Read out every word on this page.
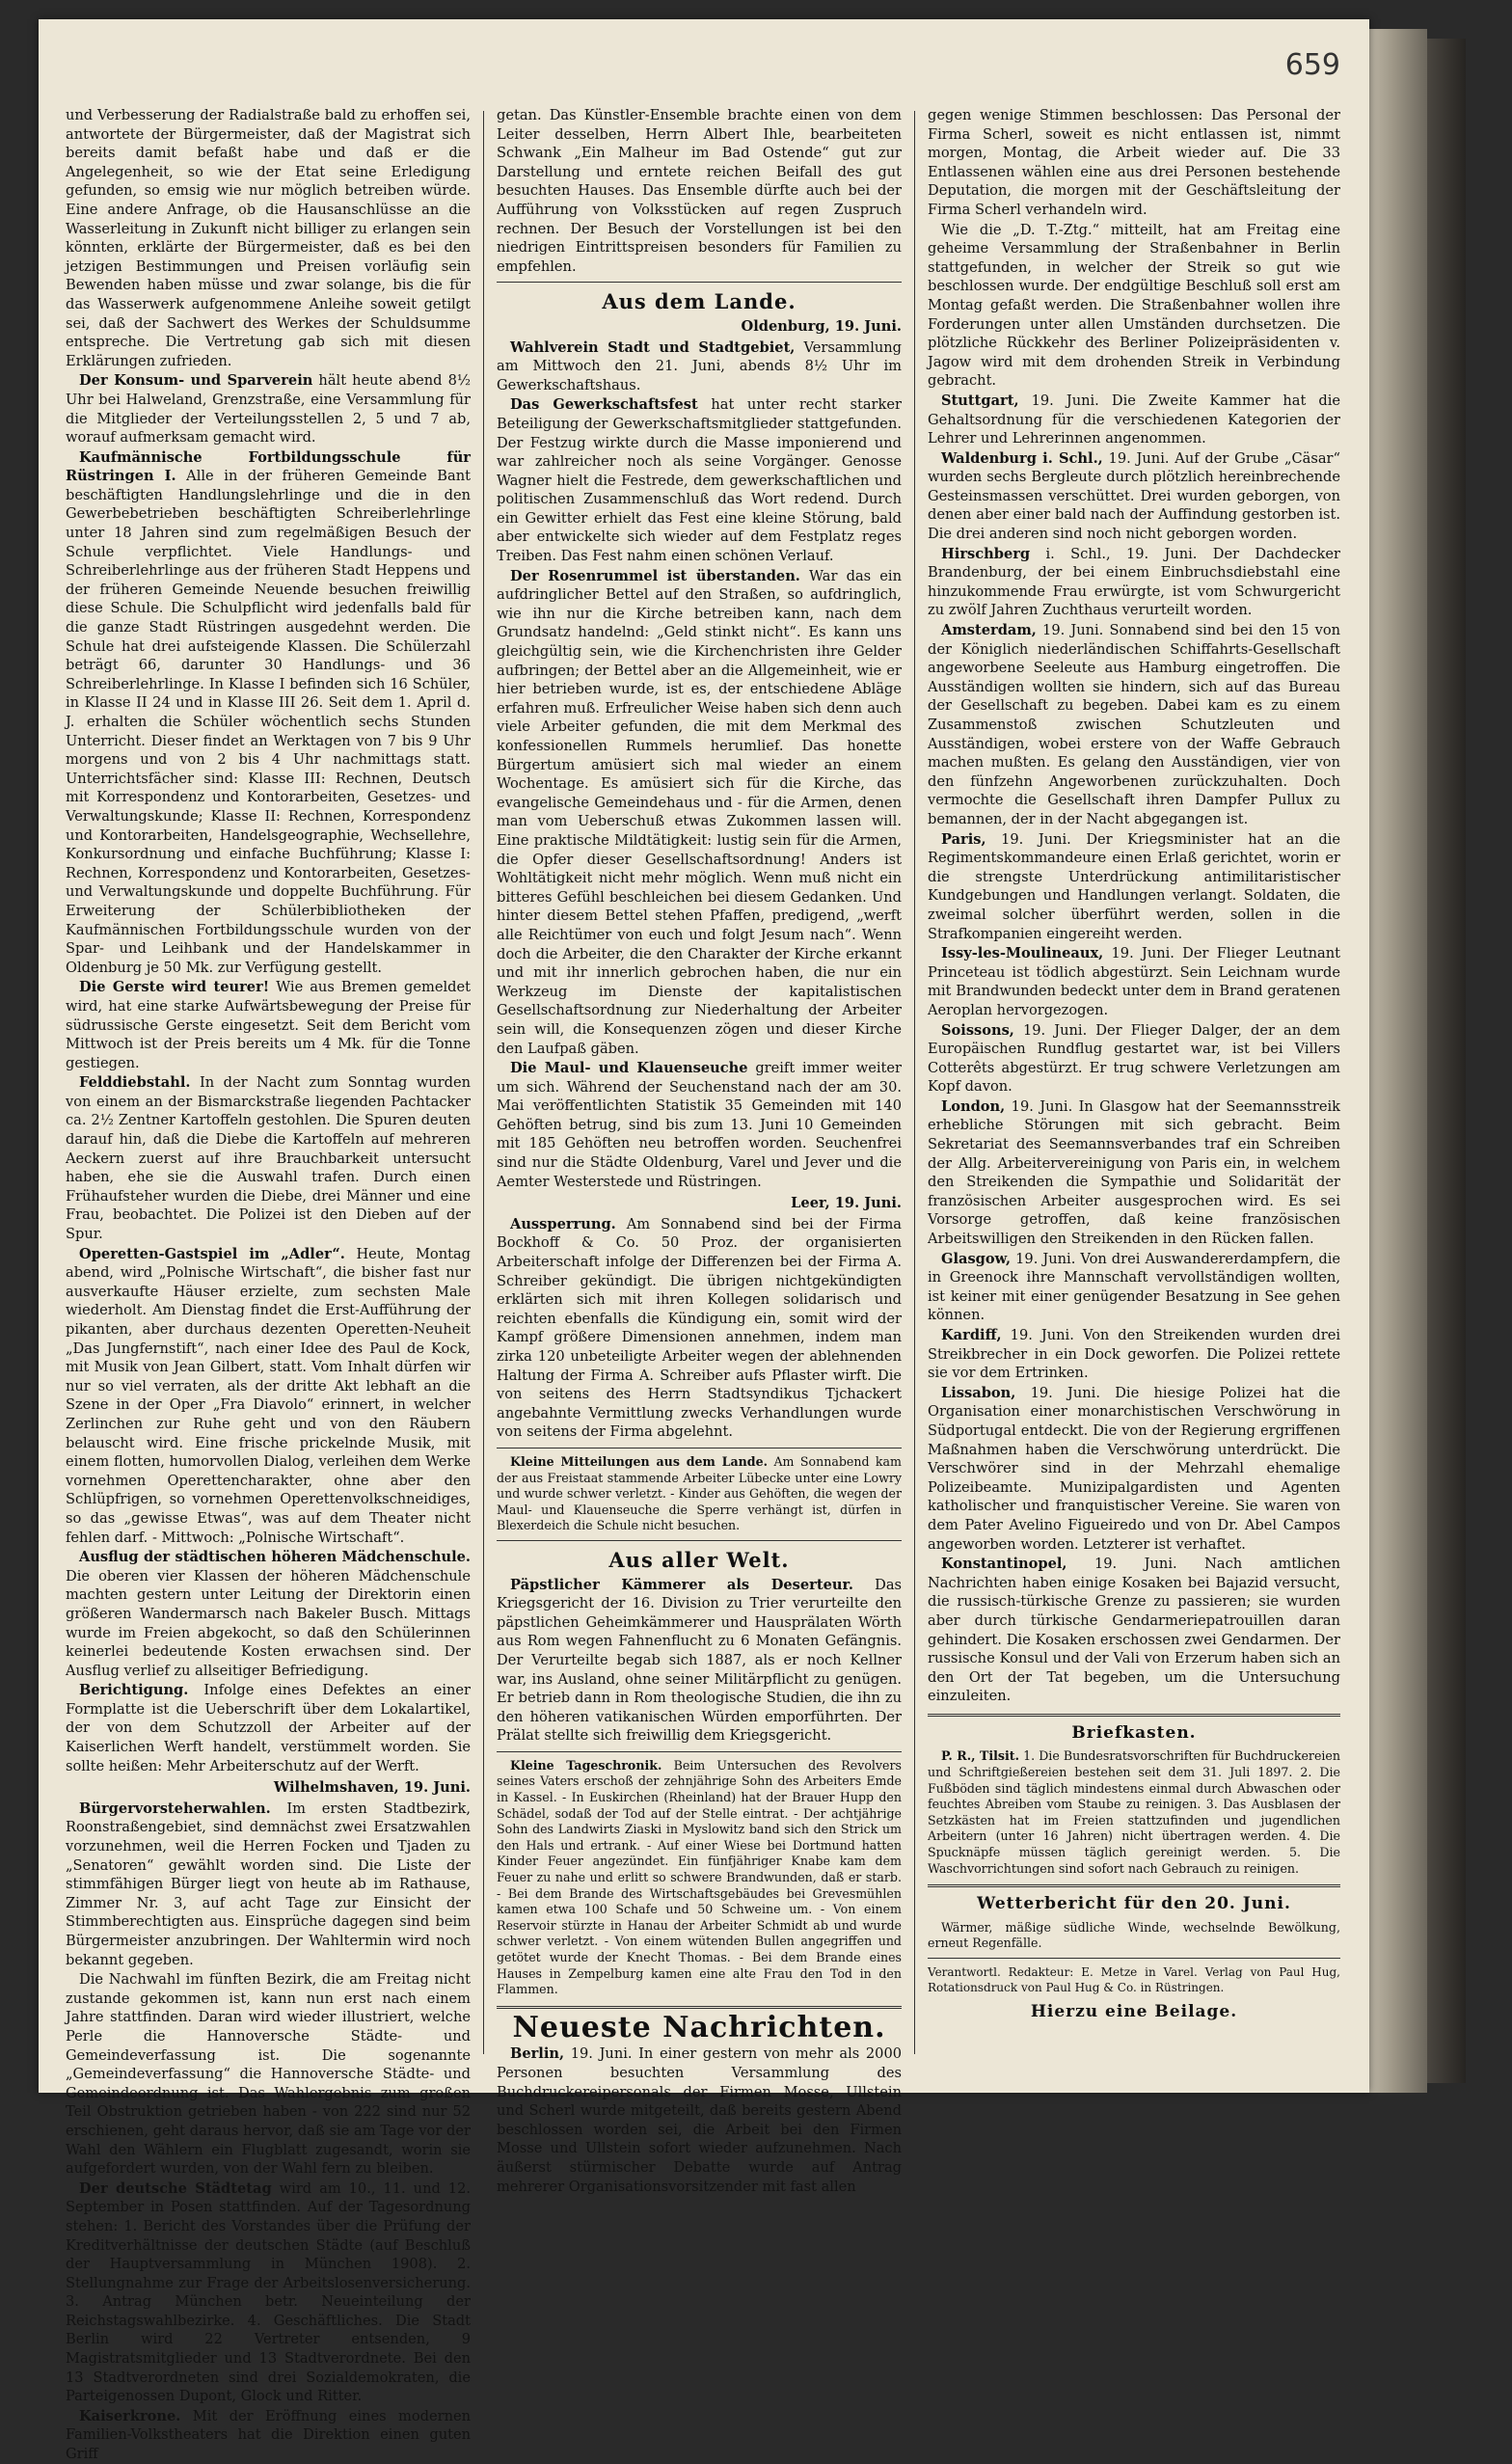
659

und Verbesserung der Radialstraße bald zu erhoffen sei, antwortete der Bürgermeister, daß der Magistrat sich bereits damit befaßt habe und daß er die Angelegenheit, so wie der Etat seine Erledigung gefunden, so emsig wie nur möglich betreiben würde. Eine andere Anfrage, ob die Hausanschlüsse an die Wasserleitung in Zukunft nicht billiger zu erlangen sein könnten, erklärte der Bürgermeister, daß es bei den jetzigen Bestimmungen und Preisen vorläufig sein Bewenden haben müsse und zwar solange, bis die für das Wasserwerk aufgenommene Anleihe soweit getilgt sei, daß der Sachwert des Werkes der Schuldsumme entspreche. Die Vertretung gab sich mit diesen Erklärungen zufrieden.

Der Konsum- und Sparverein hält heute abend 8½ Uhr bei Halweland, Grenzstraße, eine Versammlung für die Mitglieder der Verteilungsstellen 2, 5 und 7 ab, worauf aufmerksam gemacht wird.

Kaufmännische Fortbildungsschule für Rüstringen I. Alle in der früheren Gemeinde Bant beschäftigten Handlungslehrlinge und die in den Gewerbebetrieben beschäftigten Schreiberlehrlinge unter 18 Jahren sind zum regelmäßigen Besuch der Schule verpflichtet. Viele Handlungs- und Schreiberlehrlinge aus der früheren Stadt Heppens und der früheren Gemeinde Neuende besuchen freiwillig diese Schule. Die Schulpflicht wird jedenfalls bald für die ganze Stadt Rüstringen ausgedehnt werden. Die Schule hat drei aufsteigende Klassen. Die Schülerzahl beträgt 66, darunter 30 Handlungs- und 36 Schreiberlehrlinge. In Klasse I befinden sich 16 Schüler, in Klasse II 24 und in Klasse III 26. Seit dem 1. April d. J. erhalten die Schüler wöchentlich sechs Stunden Unterricht. Dieser findet an Werktagen von 7 bis 9 Uhr morgens und von 2 bis 4 Uhr nachmittags statt. Unterrichtsfächer sind: Klasse III: Rechnen, Deutsch mit Korrespondenz und Kontorarbeiten, Gesetzes- und Verwaltungskunde; Klasse II: Rechnen, Korrespondenz und Kontorarbeiten, Handelsgeographie, Wechsellehre, Konkursordnung und einfache Buchführung; Klasse I: Rechnen, Korrespondenz und Kontorarbeiten, Gesetzes- und Verwaltungskunde und doppelte Buchführung. Für Erweiterung der Schülerbibliotheken der Kaufmännischen Fortbildungsschule wurden von der Spar- und Leihbank und der Handelskammer in Oldenburg je 50 Mk. zur Verfügung gestellt.

Die Gerste wird teurer! Wie aus Bremen gemeldet wird, hat eine starke Aufwärtsbewegung der Preise für südrussische Gerste eingesetzt. Seit dem Bericht vom Mittwoch ist der Preis bereits um 4 Mk. für die Tonne gestiegen.

Felddiebstahl. In der Nacht zum Sonntag wurden von einem an der Bismarckstraße liegenden Pachtacker ca. 2½ Zentner Kartoffeln gestohlen. Die Spuren deuten darauf hin, daß die Diebe die Kartoffeln auf mehreren Aeckern zuerst auf ihre Brauchbarkeit untersucht haben, ehe sie die Auswahl trafen. Durch einen Frühaufsteher wurden die Diebe, drei Männer und eine Frau, beobachtet. Die Polizei ist den Dieben auf der Spur.

Operetten-Gastspiel im „Adler“. Heute, Montag abend, wird „Polnische Wirtschaft“, die bisher fast nur ausverkaufte Häuser erzielte, zum sechsten Male wiederholt. Am Dienstag findet die Erst-Aufführung der pikanten, aber durchaus dezenten Operetten-Neuheit „Das Jungfernstift“, nach einer Idee des Paul de Kock, mit Musik von Jean Gilbert, statt. Vom Inhalt dürfen wir nur so viel verraten, als der dritte Akt lebhaft an die Szene in der Oper „Fra Diavolo“ erinnert, in welcher Zerlinchen zur Ruhe geht und von den Räubern belauscht wird. Eine frische prickelnde Musik, mit einem flotten, humorvollen Dialog, verleihen dem Werke vornehmen Operettencharakter, ohne aber den Schlüpfrigen, so vornehmen Operettenvolkschneidiges, so das „gewisse Etwas“, was auf dem Theater nicht fehlen darf. - Mittwoch: „Polnische Wirtschaft“.

Ausflug der städtischen höheren Mädchenschule. Die oberen vier Klassen der höheren Mädchenschule machten gestern unter Leitung der Direktorin einen größeren Wandermarsch nach Bakeler Busch. Mittags wurde im Freien abgekocht, so daß den Schülerinnen keinerlei bedeutende Kosten erwachsen sind. Der Ausflug verlief zu allseitiger Befriedigung.

Berichtigung. Infolge eines Defektes an einer Formplatte ist die Ueberschrift über dem Lokalartikel, der von dem Schutzzoll der Arbeiter auf der Kaiserlichen Werft handelt, verstümmelt worden. Sie sollte heißen: Mehr Arbeiterschutz auf der Werft.

Wilhelmshaven, 19. Juni.

Bürgervorsteherwahlen. Im ersten Stadtbezirk, Roonstraßengebiet, sind demnächst zwei Ersatzwahlen vorzunehmen, weil die Herren Focken und Tjaden zu „Senatoren“ gewählt worden sind. Die Liste der stimmfähigen Bürger liegt von heute ab im Rathause, Zimmer Nr. 3, auf acht Tage zur Einsicht der Stimmberechtigten aus. Einsprüche dagegen sind beim Bürgermeister anzubringen. Der Wahltermin wird noch bekannt gegeben.

Die Nachwahl im fünften Bezirk, die am Freitag nicht zustande gekommen ist, kann nun erst nach einem Jahre stattfinden. Daran wird wieder illustriert, welche Perle die Hannoversche Städte- und Gemeindeverfassung ist. Die sogenannte „Gemeindeverfassung“ die Hannoversche Städte- und Gemeindeordnung ist. Das Wahlergebnis zum großen Teil Obstruktion getrieben haben - von 222 sind nur 52 erschienen, geht daraus hervor, daß sie am Tage vor der Wahl den Wählern ein Flugblatt zugesandt, worin sie aufgefordert wurden, von der Wahl fern zu bleiben.

Der deutsche Städtetag wird am 10., 11. und 12. September in Posen stattfinden. Auf der Tagesordnung stehen: 1. Bericht des Vorstandes über die Prüfung der Kreditverhältnisse der deutschen Städte (auf Beschluß der Hauptversammlung in München 1908). 2. Stellungnahme zur Frage der Arbeitslosenversicherung. 3. Antrag München betr. Neueinteilung der Reichstagswahlbezirke. 4. Geschäftliches. Die Stadt Berlin wird 22 Vertreter entsenden, 9 Magistratsmitglieder und 13 Stadtverordnete. Bei den 13 Stadtverordneten sind drei Sozialdemokraten, die Parteigenossen Dupont, Glock und Ritter.

Kaiserkrone. Mit der Eröffnung eines modernen Familien-Volkstheaters hat die Direktion einen guten Griff

getan. Das Künstler-Ensemble brachte einen von dem Leiter desselben, Herrn Albert Ihle, bearbeiteten Schwank „Ein Malheur im Bad Ostende“ gut zur Darstellung und erntete reichen Beifall des gut besuchten Hauses. Das Ensemble dürfte auch bei der Aufführung von Volksstücken auf regen Zuspruch rechnen. Der Besuch der Vorstellungen ist bei den niedrigen Eintrittspreisen besonders für Familien zu empfehlen.

Aus dem Lande.
Oldenburg, 19. Juni.

Wahlverein Stadt und Stadtgebiet, Versammlung am Mittwoch den 21. Juni, abends 8½ Uhr im Gewerkschaftshaus.

Das Gewerkschaftsfest hat unter recht starker Beteiligung der Gewerkschaftsmitglieder stattgefunden. Der Festzug wirkte durch die Masse imponierend und war zahlreicher noch als seine Vorgänger. Genosse Wagner hielt die Festrede, dem gewerkschaftlichen und politischen Zusammenschluß das Wort redend. Durch ein Gewitter erhielt das Fest eine kleine Störung, bald aber entwickelte sich wieder auf dem Festplatz reges Treiben. Das Fest nahm einen schönen Verlauf.

Der Rosenrummel ist überstanden. War das ein aufdringlicher Bettel auf den Straßen, so aufdringlich, wie ihn nur die Kirche betreiben kann, nach dem Grundsatz handelnd: „Geld stinkt nicht“. Es kann uns gleichgültig sein, wie die Kirchenchristen ihre Gelder aufbringen; der Bettel aber an die Allgemeinheit, wie er hier betrieben wurde, ist es, der entschiedene Abläge erfahren muß. Erfreulicher Weise haben sich denn auch viele Arbeiter gefunden, die mit dem Merkmal des konfessionellen Rummels herumlief. Das honette Bürgertum amüsiert sich mal wieder an einem Wochentage. Es amüsiert sich für die Kirche, das evangelische Gemeindehaus und - für die Armen, denen man vom Ueberschuß etwas Zukommen lassen will. Eine praktische Mildtätigkeit: lustig sein für die Armen, die Opfer dieser Gesellschaftsordnung! Anders ist Wohltätigkeit nicht mehr möglich. Wenn muß nicht ein bitteres Gefühl beschleichen bei diesem Gedanken. Und hinter diesem Bettel stehen Pfaffen, predigend, „werft alle Reichtümer von euch und folgt Jesum nach“. Wenn doch die Arbeiter, die den Charakter der Kirche erkannt und mit ihr innerlich gebrochen haben, die nur ein Werkzeug im Dienste der kapitalistischen Gesellschaftsordnung zur Niederhaltung der Arbeiter sein will, die Konsequenzen zögen und dieser Kirche den Laufpaß gäben.

Die Maul- und Klauenseuche greift immer weiter um sich. Während der Seuchenstand nach der am 30. Mai veröffentlichten Statistik 35 Gemeinden mit 140 Gehöften betrug, sind bis zum 13. Juni 10 Gemeinden mit 185 Gehöften neu betroffen worden. Seuchenfrei sind nur die Städte Oldenburg, Varel und Jever und die Aemter Westerstede und Rüstringen.

Leer, 19. Juni.

Aussperrung. Am Sonnabend sind bei der Firma Bockhoff & Co. 50 Proz. der organisierten Arbeiterschaft infolge der Differenzen bei der Firma A. Schreiber gekündigt. Die übrigen nichtgekündigten erklärten sich mit ihren Kollegen solidarisch und reichten ebenfalls die Kündigung ein, somit wird der Kampf größere Dimensionen annehmen, indem man zirka 120 unbeteiligte Arbeiter wegen der ablehnenden Haltung der Firma A. Schreiber aufs Pflaster wirft. Die von seitens des Herrn Stadtsyndikus Tjchackert angebahnte Vermittlung zwecks Verhandlungen wurde von seitens der Firma abgelehnt.

Kleine Mitteilungen aus dem Lande. Am Sonnabend kam der aus Freistaat stammende Arbeiter Lübecke unter eine Lowry und wurde schwer verletzt. - Kinder aus Gehöften, die wegen der Maul- und Klauenseuche die Sperre verhängt ist, dürfen in Blexerdeich die Schule nicht besuchen.

Aus aller Welt.

Päpstlicher Kämmerer als Deserteur. Das Kriegsgericht der 16. Division zu Trier verurteilte den päpstlichen Geheimkämmerer und Hausprälaten Wörth aus Rom wegen Fahnenflucht zu 6 Monaten Gefängnis. Der Verurteilte begab sich 1887, als er noch Kellner war, ins Ausland, ohne seiner Militärpflicht zu genügen. Er betrieb dann in Rom theologische Studien, die ihn zu den höheren vatikanischen Würden emporführten. Der Prälat stellte sich freiwillig dem Kriegsgericht.

Kleine Tageschronik. Beim Untersuchen des Revolvers seines Vaters erschoß der zehnjährige Sohn des Arbeiters Emde in Kassel. - In Euskirchen (Rheinland) hat der Brauer Hupp den Schädel, sodaß der Tod auf der Stelle eintrat. - Der achtjährige Sohn des Landwirts Ziaski in Myslowitz band sich den Strick um den Hals und ertrank. - Auf einer Wiese bei Dortmund hatten Kinder Feuer angezündet. Ein fünfjähriger Knabe kam dem Feuer zu nahe und erlitt so schwere Brandwunden, daß er starb. - Bei dem Brande des Wirtschaftsgebäudes bei Grevesmühlen kamen etwa 100 Schafe und 50 Schweine um. - Von einem Reservoir stürzte in Hanau der Arbeiter Schmidt ab und wurde schwer verletzt. - Von einem wütenden Bullen angegriffen und getötet wurde der Knecht Thomas. - Bei dem Brande eines Hauses in Zempelburg kamen eine alte Frau den Tod in den Flammen.

Neueste Nachrichten.

Berlin, 19. Juni. In einer gestern von mehr als 2000 Personen besuchten Versammlung des Buchdruckereipersonals der Firmen Mosse, Ullstein und Scherl wurde mitgeteilt, daß bereits gestern Abend beschlossen worden sei, die Arbeit bei den Firmen Mosse und Ullstein sofort wieder aufzunehmen. Nach äußerst stürmischer Debatte wurde auf Antrag mehrerer Organisationsvorsitzender mit fast allen

gegen wenige Stimmen beschlossen: Das Personal der Firma Scherl, soweit es nicht entlassen ist, nimmt morgen, Montag, die Arbeit wieder auf. Die 33 Entlassenen wählen eine aus drei Personen bestehende Deputation, die morgen mit der Geschäftsleitung der Firma Scherl verhandeln wird.

Wie die „D. T.-Ztg.“ mitteilt, hat am Freitag eine geheime Versammlung der Straßenbahner in Berlin stattgefunden, in welcher der Streik so gut wie beschlossen wurde. Der endgültige Beschluß soll erst am Montag gefaßt werden. Die Straßenbahner wollen ihre Forderungen unter allen Umständen durchsetzen. Die plötzliche Rückkehr des Berliner Polizeipräsidenten v. Jagow wird mit dem drohenden Streik in Verbindung gebracht.

Stuttgart, 19. Juni. Die Zweite Kammer hat die Gehaltsordnung für die verschiedenen Kategorien der Lehrer und Lehrerinnen angenommen.

Waldenburg i. Schl., 19. Juni. Auf der Grube „Cäsar“ wurden sechs Bergleute durch plötzlich hereinbrechende Gesteinsmassen verschüttet. Drei wurden geborgen, von denen aber einer bald nach der Auffindung gestorben ist. Die drei anderen sind noch nicht geborgen worden.

Hirschberg i. Schl., 19. Juni. Der Dachdecker Brandenburg, der bei einem Einbruchsdiebstahl eine hinzukommende Frau erwürgte, ist vom Schwurgericht zu zwölf Jahren Zuchthaus verurteilt worden.

Amsterdam, 19. Juni. Sonnabend sind bei den 15 von der Königlich niederländischen Schiffahrts-Gesellschaft angeworbene Seeleute aus Hamburg eingetroffen. Die Ausständigen wollten sie hindern, sich auf das Bureau der Gesellschaft zu begeben. Dabei kam es zu einem Zusammenstoß zwischen Schutzleuten und Ausständigen, wobei erstere von der Waffe Gebrauch machen mußten. Es gelang den Ausständigen, vier von den fünfzehn Angeworbenen zurückzuhalten. Doch vermochte die Gesellschaft ihren Dampfer Pullux zu bemannen, der in der Nacht abgegangen ist.

Paris, 19. Juni. Der Kriegsminister hat an die Regimentskommandeure einen Erlaß gerichtet, worin er die strengste Unterdrückung antimilitaristischer Kundgebungen und Handlungen verlangt. Soldaten, die zweimal solcher überführt werden, sollen in die Strafkompanien eingereiht werden.

Issy-les-Moulineaux, 19. Juni. Der Flieger Leutnant Princeteau ist tödlich abgestürzt. Sein Leichnam wurde mit Brandwunden bedeckt unter dem in Brand geratenen Aeroplan hervorgezogen.

Soissons, 19. Juni. Der Flieger Dalger, der an dem Europäischen Rundflug gestartet war, ist bei Villers Cotterêts abgestürzt. Er trug schwere Verletzungen am Kopf davon.

London, 19. Juni. In Glasgow hat der Seemannsstreik erhebliche Störungen mit sich gebracht. Beim Sekretariat des Seemannsverbandes traf ein Schreiben der Allg. Arbeitervereinigung von Paris ein, in welchem den Streikenden die Sympathie und Solidarität der französischen Arbeiter ausgesprochen wird. Es sei Vorsorge getroffen, daß keine französischen Arbeitswilligen den Streikenden in den Rücken fallen.

Glasgow, 19. Juni. Von drei Auswandererdampfern, die in Greenock ihre Mannschaft vervollständigen wollten, ist keiner mit einer genügender Besatzung in See gehen können.

Kardiff, 19. Juni. Von den Streikenden wurden drei Streikbrecher in ein Dock geworfen. Die Polizei rettete sie vor dem Ertrinken.

Lissabon, 19. Juni. Die hiesige Polizei hat die Organisation einer monarchistischen Verschwörung in Südportugal entdeckt. Die von der Regierung ergriffenen Maßnahmen haben die Verschwörung unterdrückt. Die Verschwörer sind in der Mehrzahl ehemalige Polizeibeamte. Munizipalgardisten und Agenten katholischer und franquistischer Vereine. Sie waren von dem Pater Avelino Figueiredo und von Dr. Abel Campos angeworben worden. Letzterer ist verhaftet.

Konstantinopel, 19. Juni. Nach amtlichen Nachrichten haben einige Kosaken bei Bajazid versucht, die russisch-türkische Grenze zu passieren; sie wurden aber durch türkische Gendarmeriepatrouillen daran gehindert. Die Kosaken erschossen zwei Gendarmen. Der russische Konsul und der Vali von Erzerum haben sich an den Ort der Tat begeben, um die Untersuchung einzuleiten.

Briefkasten.

P. R., Tilsit. 1. Die Bundesratsvorschriften für Buchdruckereien und Schriftgießereien bestehen seit dem 31. Juli 1897. 2. Die Fußböden sind täglich mindestens einmal durch Abwaschen oder feuchtes Abreiben vom Staube zu reinigen. 3. Das Ausblasen der Setzkästen hat im Freien stattzufinden und jugendlichen Arbeitern (unter 16 Jahren) nicht übertragen werden. 4. Die Spucknäpfe müssen täglich gereinigt werden. 5. Die Waschvorrichtungen sind sofort nach Gebrauch zu reinigen.

Wetterbericht für den 20. Juni.

Wärmer, mäßige südliche Winde, wechselnde Bewölkung, erneut Regenfälle.

Verantwortl. Redakteur: E. Metze in Varel. Verlag von Paul Hug, Rotationsdruck von Paul Hug & Co. in Rüstringen.

Hierzu eine Beilage.
